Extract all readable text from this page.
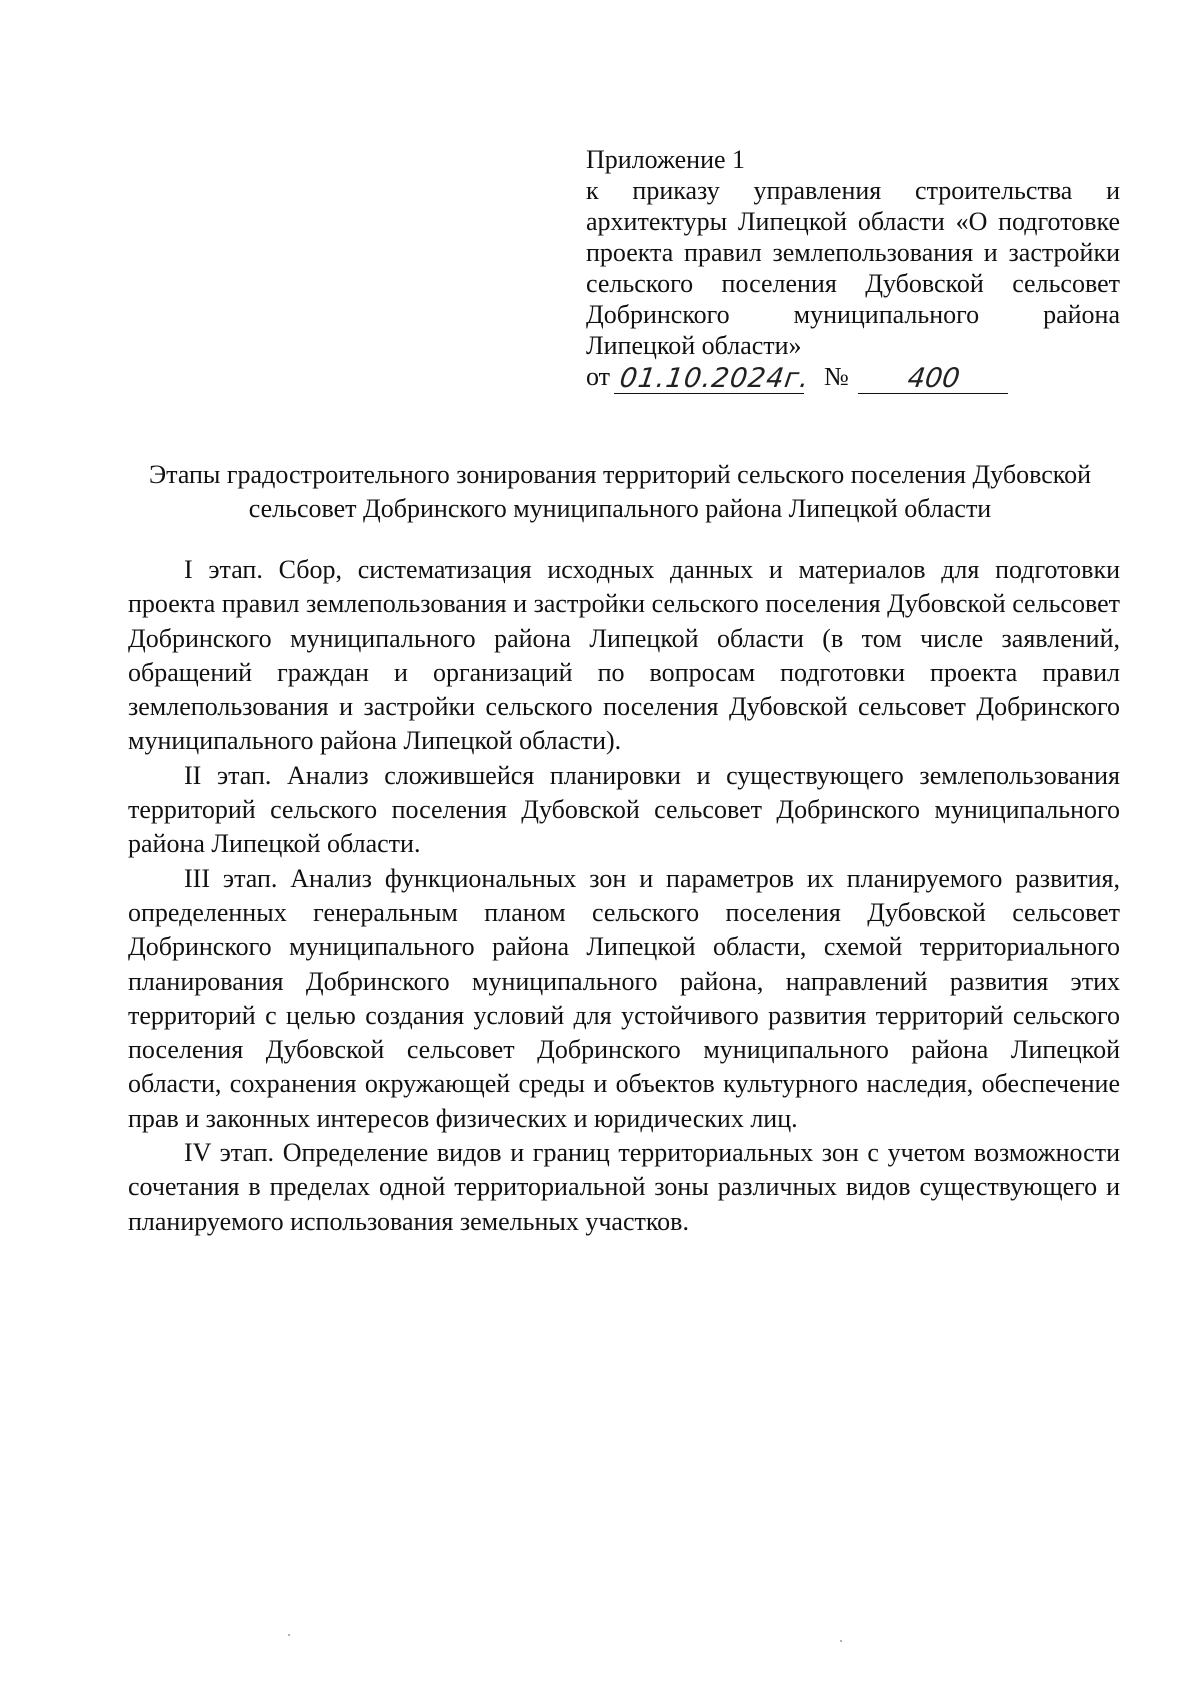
Приложение 1
к приказу управления строительства и архитектуры Липецкой области «О подготовке проекта правил землепользования и застройки сельского поселения Дубовской сельсовет Добринского муниципального района Липецкой области»
от 01.10.2024г. № 400
Этапы градостроительного зонирования территорий сельского поселения Дубовской
сельсовет Добринского муниципального района Липецкой области

I этап. Сбор, систематизация исходных данных и материалов для подготовки проекта правил землепользования и застройки сельского поселения Дубовской сельсовет Добринского муниципального района Липецкой области (в том числе заявлений, обращений граждан и организаций по вопросам подготовки проекта правил землепользования и застройки сельского поселения Дубовской сельсовет Добринского муниципального района Липецкой области).

II этап. Анализ сложившейся планировки и существующего землепользования территорий сельского поселения Дубовской сельсовет Добринского муниципального района Липецкой области.

III этап. Анализ функциональных зон и параметров их планируемого развития, определенных генеральным планом сельского поселения Дубовской сельсовет Добринского муниципального района Липецкой области, схемой территориального планирования Добринского муниципального района, направлений развития этих территорий с целью создания условий для устойчивого развития территорий сельского поселения Дубовской сельсовет Добринского муниципального района Липецкой области, сохранения окружающей среды и объектов культурного наследия, обеспечение прав и законных интересов физических и юридических лиц.

IV этап. Определение видов и границ территориальных зон с учетом возможности сочетания в пределах одной территориальной зоны различных видов существующего и планируемого использования земельных участков.
